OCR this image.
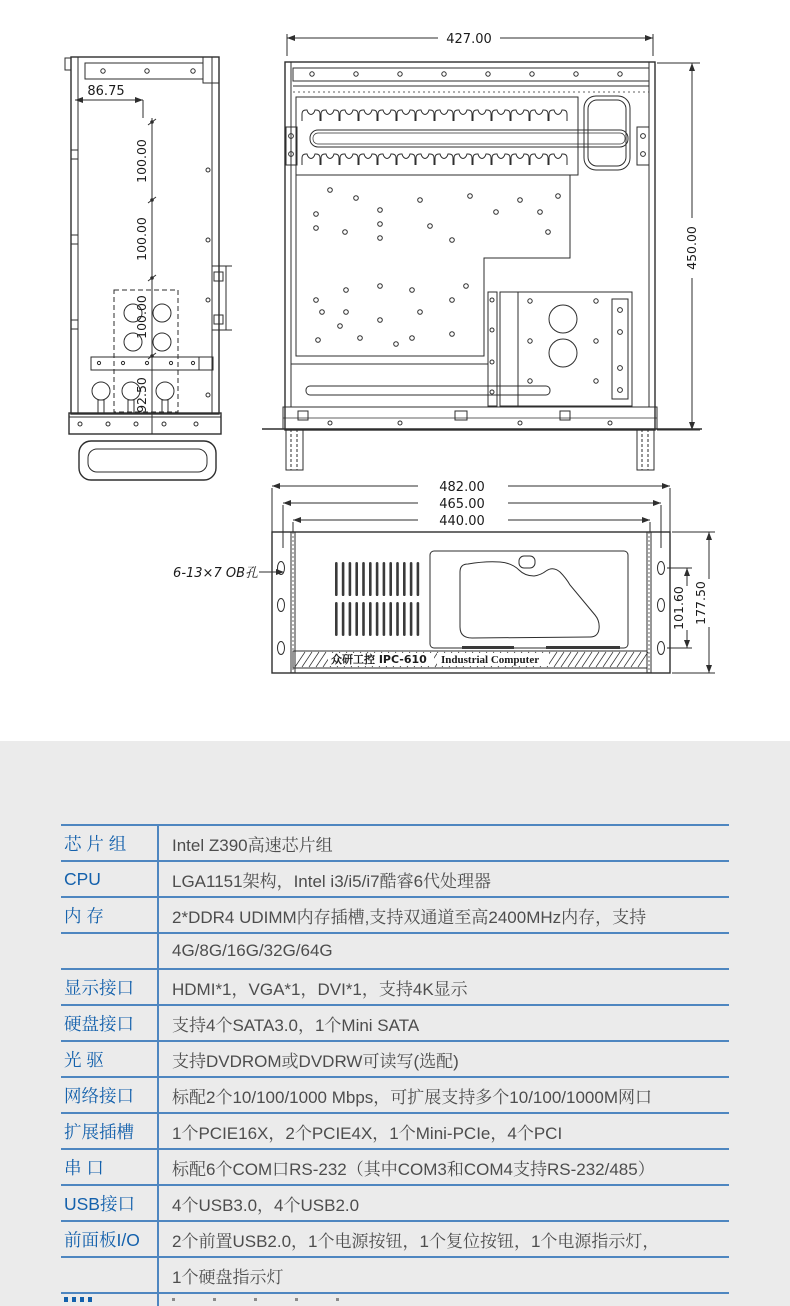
86.75
100.00
100.00
100.00
92.50
427.00
450.00
482.00
465.00
440.00
6-13×7 OB孔
众研工控 IPC-610 Industrial Computer
101.60 177.50
芯 片 组	Intel Z390高速芯片组
CPU	LGA1151架构，Intel i3/i5/i7酷睿6代处理器
内 存	2*DDR4 UDIMM内存插槽,支持双通道至高2400MHz内存，支持
4G/8G/16G/32G/64G
显示接口	HDMI*1，VGA*1，DVI*1，支持4K显示
硬盘接口	支持4个SATA3.0，1个Mini SATA
光 驱	支持DVDROM或DVDRW可读写(选配)
网络接口	标配2个10/100/1000 Mbps，可扩展支持多个10/100/1000M网口
扩展插槽	1个PCIE16X，2个PCIE4X，1个Mini-PCIe，4个PCI
串 口	标配6个COM口RS-232（其中COM3和COM4支持RS-232/485）
USB接口	4个USB3.0，4个USB2.0
前面板I/O	2个前置USB2.0，1个电源按钮，1个复位按钮，1个电源指示灯，
1个硬盘指示灯
